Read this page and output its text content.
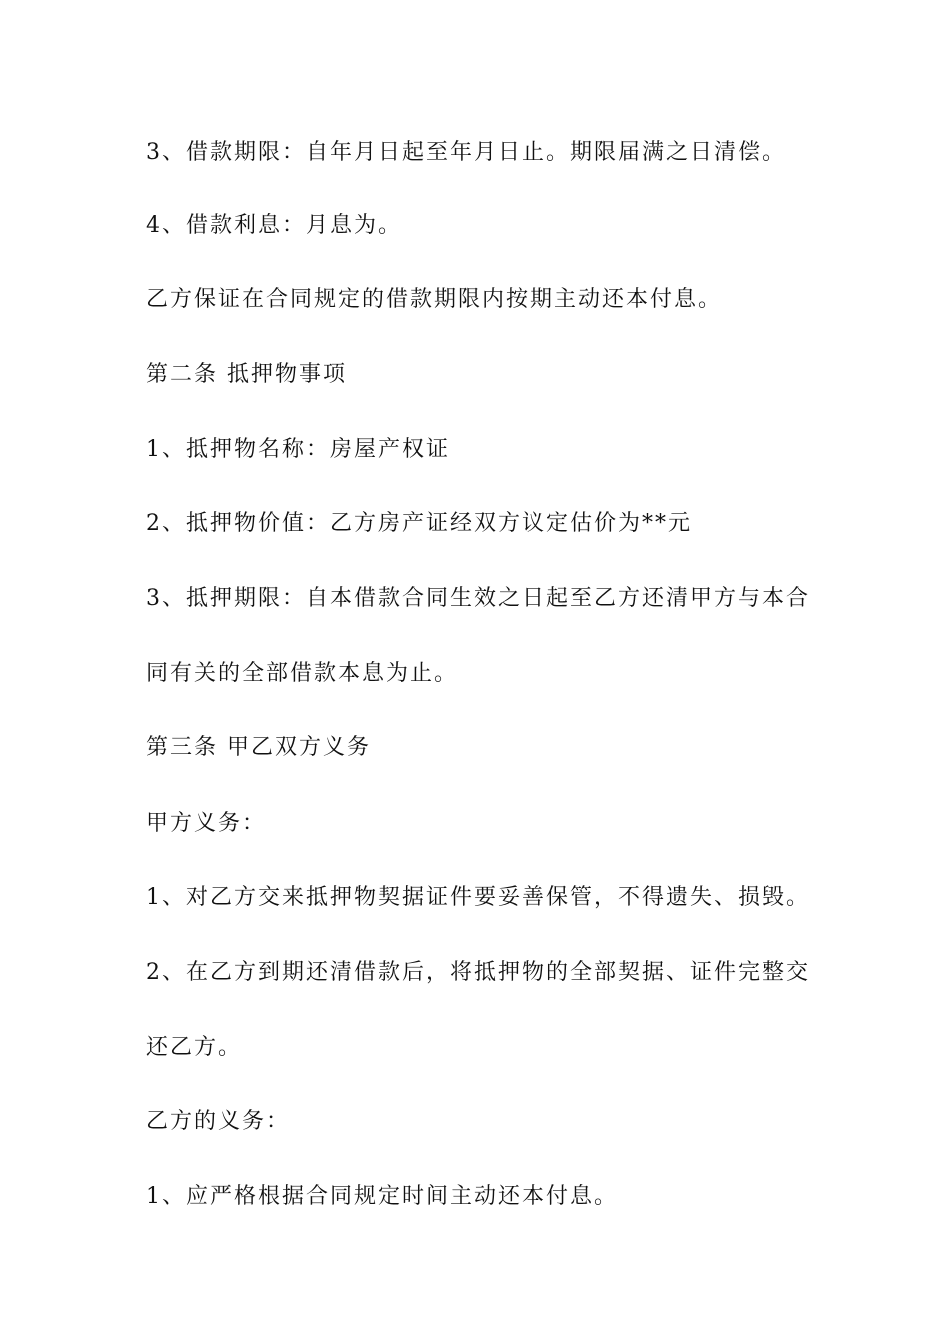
3、借款期限：自年月日起至年月日止。期限届满之日清偿。
4、借款利息：月息为。
乙方保证在合同规定的借款期限内按期主动还本付息。
第二条 抵押物事项
1、抵押物名称：房屋产权证
2、抵押物价值：乙方房产证经双方议定估价为**元
3、抵押期限：自本借款合同生效之日起至乙方还清甲方与本合
同有关的全部借款本息为止。
第三条 甲乙双方义务
甲方义务：
1、对乙方交来抵押物契据证件要妥善保管，不得遗失、损毁。
2、在乙方到期还清借款后，将抵押物的全部契据、证件完整交
还乙方。
乙方的义务：
1、应严格根据合同规定时间主动还本付息。
